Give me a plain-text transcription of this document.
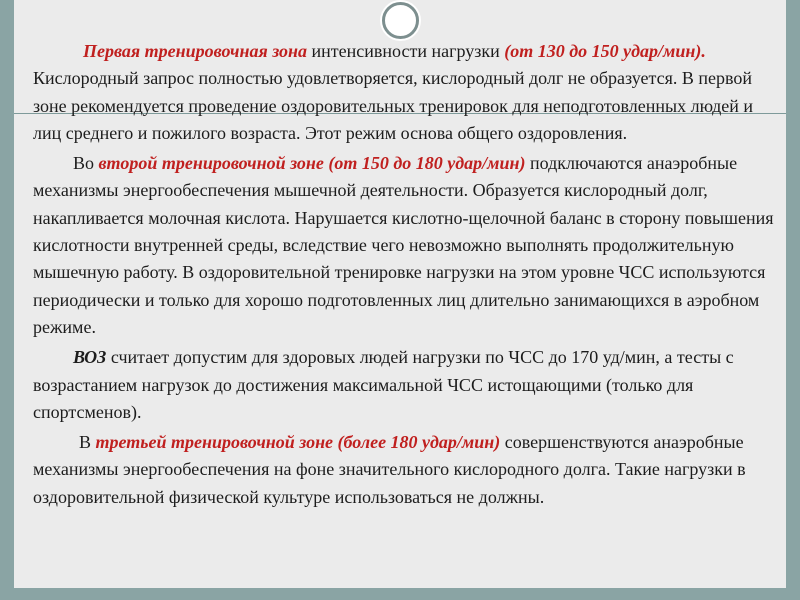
Первая тренировочная зона интенсивности нагрузки (от 130 до 150 удар/мин). Кислородный запрос полностью удовлетворяется, кислородный долг не образуется. В первой зоне рекомендуется проведение оздоровительных тренировок для неподготовленных людей и лиц среднего и пожилого возраста. Этот режим основа общего оздоровления.

Во второй тренировочной зоне (от 150 до 180 удар/мин) подключаются анаэробные механизмы энергообеспечения мышечной деятельности. Образуется кислородный долг, накапливается молочная кислота. Нарушается кислотно-щелочной баланс в сторону повышения кислотности внутренней среды, вследствие чего невозможно выполнять продолжительную мышечную работу. В оздоровительной тренировке нагрузки на этом уровне ЧСС используются периодически и только для хорошо подготовленных лиц длительно занимающихся в аэробном режиме.

ВОЗ считает допустим для здоровых людей нагрузки по ЧСС до 170 уд/мин, а тесты с возрастанием нагрузок до достижения максимальной ЧСС истощающими (только для спортсменов).

В третьей тренировочной зоне (более 180 удар/мин) совершенствуются анаэробные механизмы энергообеспечения на фоне значительного кислородного долга. Такие нагрузки в оздоровительной физической культуре использоваться не должны.
